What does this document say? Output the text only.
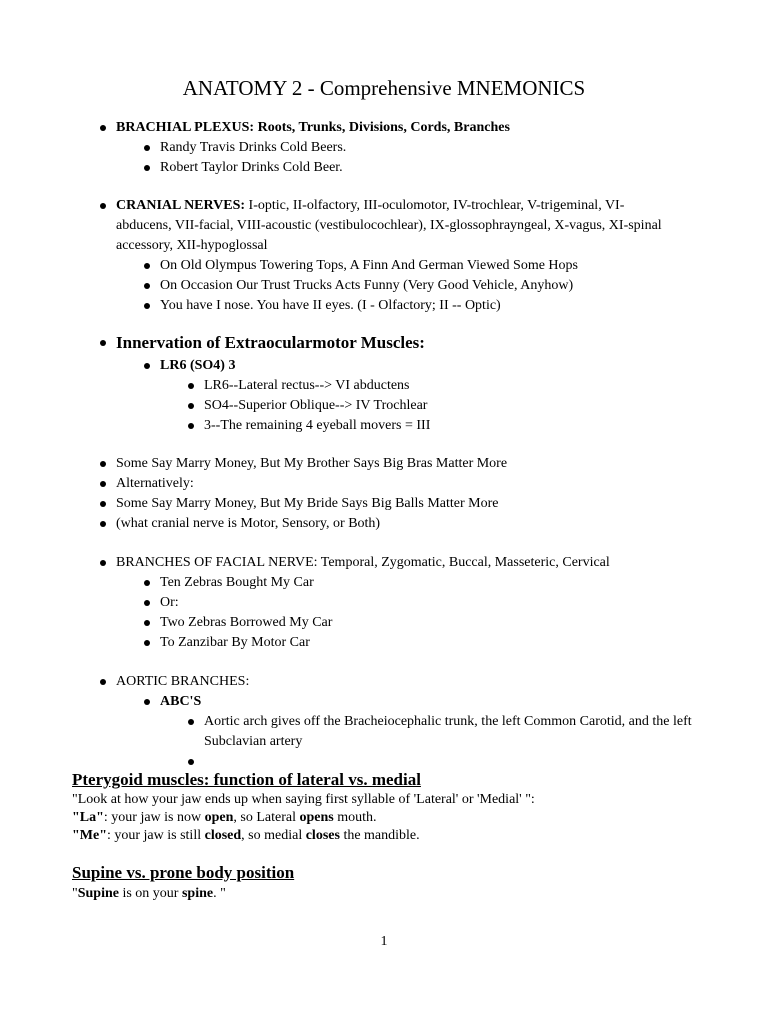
ANATOMY 2 - Comprehensive MNEMONICS
BRACHIAL PLEXUS: Roots, Trunks, Divisions, Cords, Branches
Randy Travis Drinks Cold Beers.
Robert Taylor Drinks Cold Beer.
CRANIAL NERVES: I-optic, II-olfactory, III-oculomotor, IV-trochlear, V-trigeminal, VI-abducens, VII-facial, VIII-acoustic (vestibulocochlear), IX-glossophrayngeal, X-vagus, XI-spinal accessory, XII-hypoglossal
On Old Olympus Towering Tops, A Finn And German Viewed Some Hops
On Occasion Our Trust Trucks Acts Funny (Very Good Vehicle, Anyhow)
You have I nose. You have II eyes. (I - Olfactory; II -- Optic)
Innervation of Extraocularmotor Muscles:
LR6 (SO4) 3
LR6--Lateral rectus--> VI abductens
SO4--Superior Oblique--> IV Trochlear
3--The remaining 4 eyeball movers = III
Some Say Marry Money, But My Brother Says Big Bras Matter More
Alternatively:
Some Say Marry Money, But My Bride Says Big Balls Matter More
(what cranial nerve is Motor, Sensory, or Both)
BRANCHES OF FACIAL NERVE: Temporal, Zygomatic, Buccal, Masseteric, Cervical
Ten Zebras Bought My Car
Or:
Two Zebras Borrowed My Car
To Zanzibar By Motor Car
AORTIC BRANCHES:
ABC'S
Aortic arch gives off the Bracheiocephalic trunk, the left Common Carotid, and the left Subclavian artery

Pterygoid muscles: function of lateral vs. medial
"Look at how your jaw ends up when saying first syllable of 'Lateral' or 'Medial' ":
"La": your jaw is now open, so Lateral opens mouth.
"Me": your jaw is still closed, so medial closes the mandible.
Supine vs. prone body position
"Supine is on your spine. "
1
